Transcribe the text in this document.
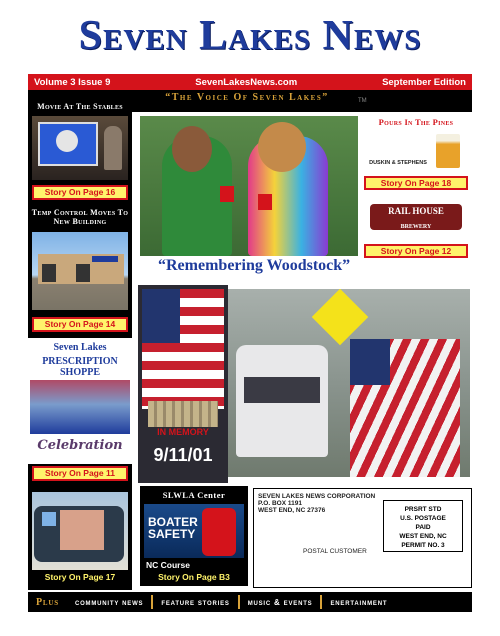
Seven Lakes News
Volume 3 Issue 9	SevenLakesNews.com	September Edition
“The Voice Of Seven Lakes”	TM
Movie At The Stables
Story On Page 16
Temp Control Moves To New Building
Story On Page 14
Seven Lakes
PRESCRIPTION SHOPPE
Celebration
Story On Page 11
Story On Page 17
Pours In The Pines
DUSKIN & STEPHENS
Story On Page 18
RAIL HOUSE
BREWERY
Story On Page 12
“Remembering Woodstock”
IN MEMORY
9/11/01
SLWLA Center
BOATER
SAFETY
NC Course
Story On Page B3
SEVEN LAKES NEWS CORPORATION
P.O. BOX 1191
WEST END, NC 27376	PRSRT STD
U.S. POSTAGE
PAID
WEST END, NC
PERMIT NO. 3
POSTAL CUSTOMER
Plus	community news	feature stories	music & events	enertainment
